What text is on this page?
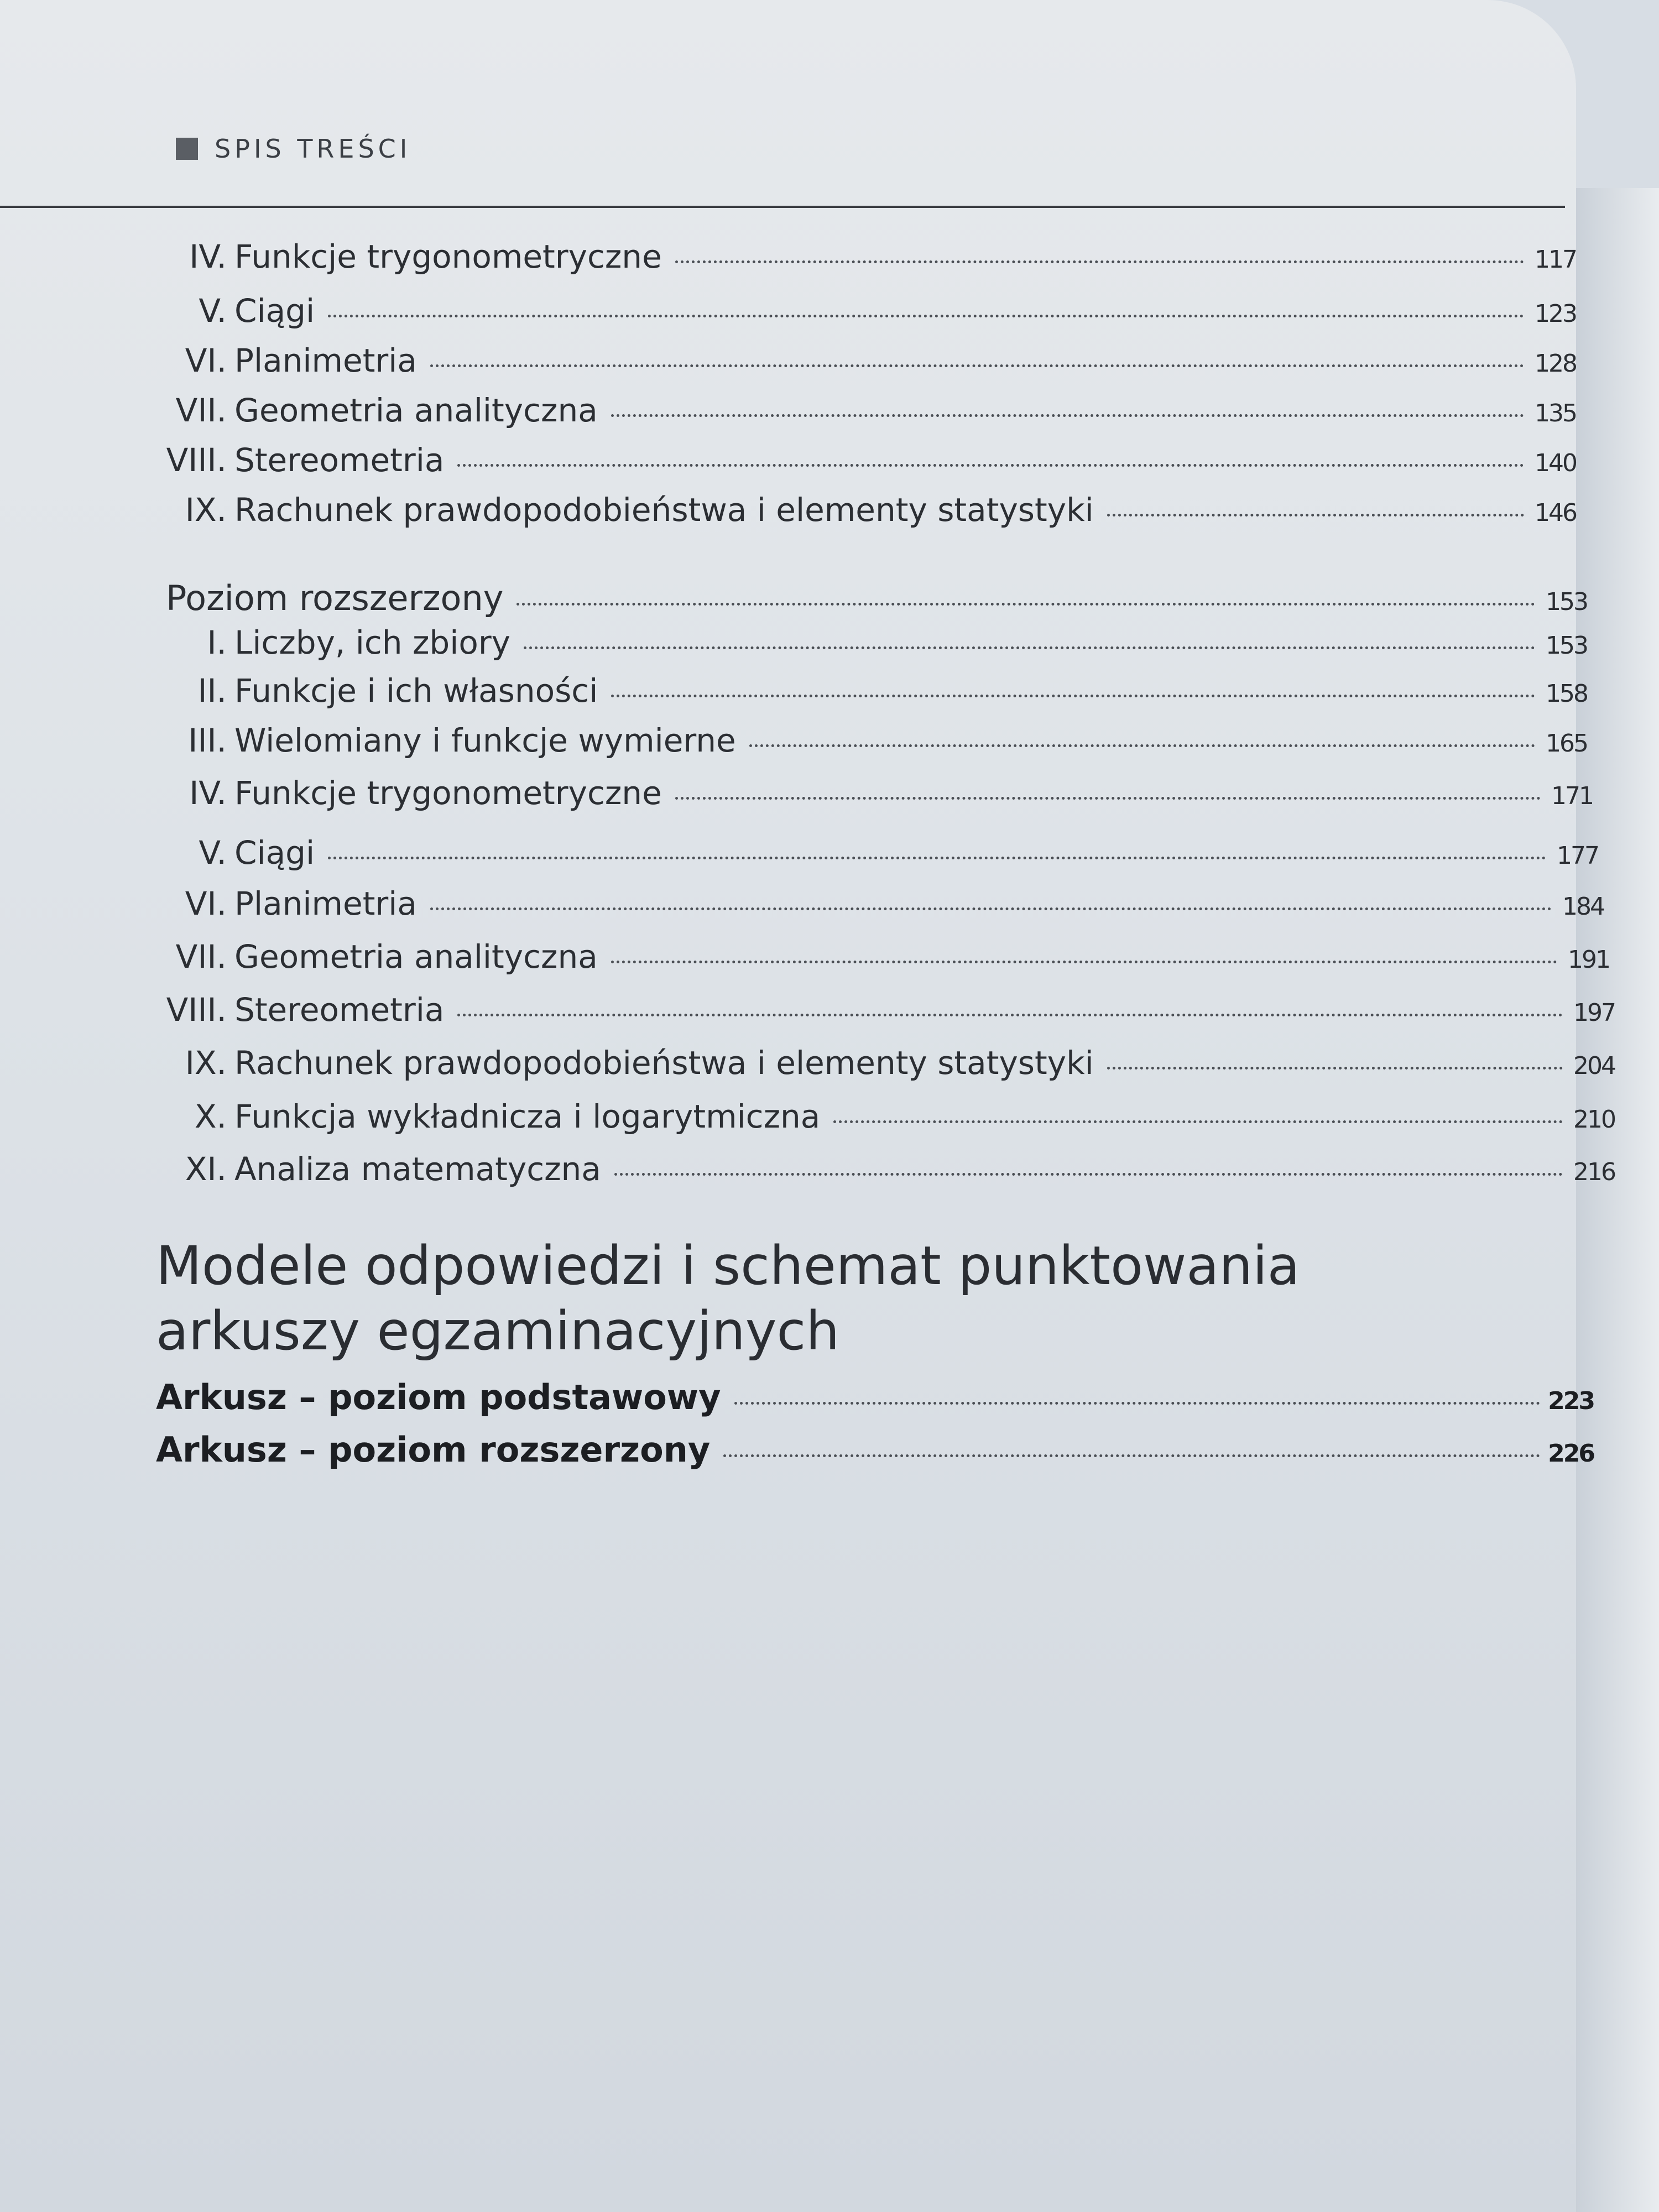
SPIS TREŚCI
IV. Funkcje trygonometryczne	117
V. Ciągi	123
VI. Planimetria	128
VII. Geometria analityczna	135
VIII. Stereometria	140
IX. Rachunek prawdopodobieństwa i elementy statystyki	146
Poziom rozszerzony	153
I. Liczby, ich zbiory	153
II. Funkcje i ich własności	158
III. Wielomiany i funkcje wymierne	165
IV. Funkcje trygonometryczne	171
V. Ciągi	177
VI. Planimetria	184
VII. Geometria analityczna	191
VIII. Stereometria	197
IX. Rachunek prawdopodobieństwa i elementy statystyki	204
X. Funkcja wykładnicza i logarytmiczna	210
XI. Analiza matematyczna	216
Modele odpowiedzi i schemat punktowania arkuszy egzaminacyjnych
Arkusz – poziom podstawowy	223
Arkusz – poziom rozszerzony	226
